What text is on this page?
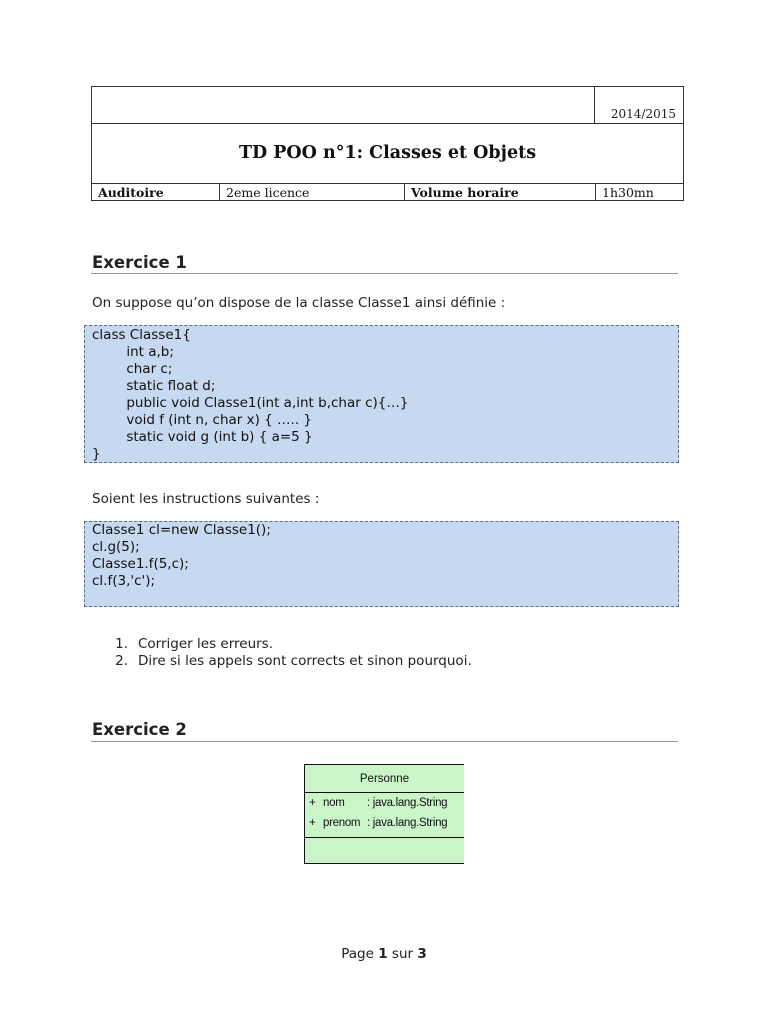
2014/2015
TD POO n°1: Classes et Objets
Auditoire	2eme licence	Volume horaire	1h30mn
Exercice 1
On suppose qu’on dispose de la classe Classe1 ainsi définie :
class Classe1{
int a,b;
char c;
static float d;
public void Classe1(int a,int b,char c){…}
void f (int n, char x) { ….. }
static void g (int b) { a=5 }
}
Soient les instructions suivantes :
Classe1 cl=new Classe1();
cl.g(5);
Classe1.f(5,c);
cl.f(3,'c');
1. Corriger les erreurs.
2. Dire si les appels sont corrects et sinon pourquoi.
Exercice 2
Personne
+ nom : java.lang.String
+ prenom : java.lang.String
Page 1 sur 3
